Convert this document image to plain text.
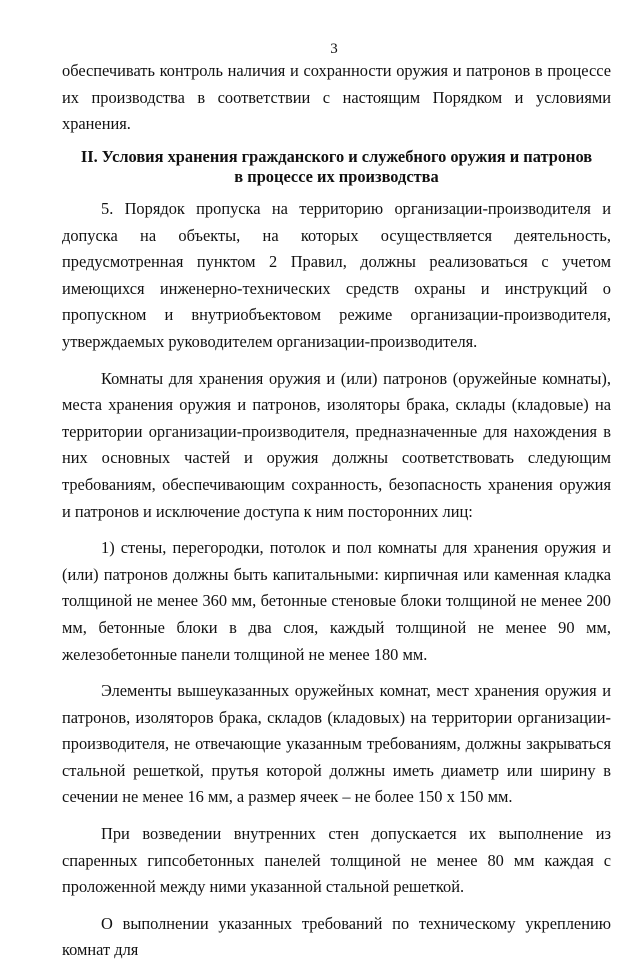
3

обеспечивать контроль наличия и сохранности оружия и патронов в процессе их производства в соответствии с настоящим Порядком и условиями хранения.

II. Условия хранения гражданского и служебного оружия и патронов
в процессе их производства

5. Порядок пропуска на территорию организации-производителя и допуска на объекты, на которых осуществляется деятельность, предусмотренная пунктом 2 Правил, должны реализоваться с учетом имеющихся инженерно-технических средств охраны и инструкций о пропускном и внутриобъектовом режиме организации-производителя, утверждаемых руководителем организации-производителя.

Комнаты для хранения оружия и (или) патронов (оружейные комнаты), места хранения оружия и патронов, изоляторы брака, склады (кладовые) на территории организации-производителя, предназначенные для нахождения в них основных частей и оружия должны соответствовать следующим требованиям, обеспечивающим сохранность, безопасность хранения оружия и патронов и исключение доступа к ним посторонних лиц:

1) стены, перегородки, потолок и пол комнаты для хранения оружия и (или) патронов должны быть капитальными: кирпичная или каменная кладка толщиной не менее 360 мм, бетонные стеновые блоки толщиной не менее 200 мм, бетонные блоки в два слоя, каждый толщиной не менее 90 мм, железобетонные панели толщиной не менее 180 мм.

Элементы вышеуказанных оружейных комнат, мест хранения оружия и патронов, изоляторов брака, складов (кладовых) на территории организации-производителя, не отвечающие указанным требованиям, должны закрываться стальной решеткой, прутья которой должны иметь диаметр или ширину в сечении не менее 16 мм, а размер ячеек – не более 150 х 150 мм.

При возведении внутренних стен допускается их выполнение из спаренных гипсобетонных панелей толщиной не менее 80 мм каждая с проложенной между ними указанной стальной решеткой.

О выполнении указанных требований по техническому укреплению комнат для
